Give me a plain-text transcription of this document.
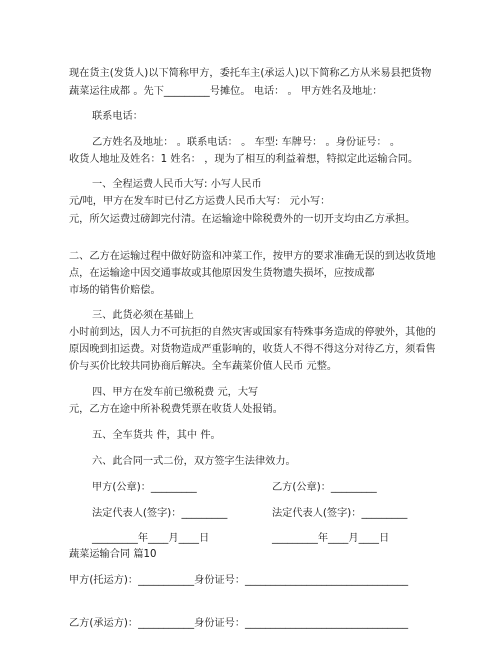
现在货主(发货人)以下简称甲方，委托车主(承运人)以下简称乙方从米易县把货物
蔬菜运往成都 。先下_________号摊位。 电话： 。 甲方姓名及地址：
联系电话：
乙方姓名及地址： 。联系电话： 。 车型: 车牌号： 。身份证号： 。
收货人地址及姓名：1 姓名： ，现为了相互的利益着想，特拟定此运输合同。
一、全程运费人民币大写: 小写人民币
元/吨，甲方在发车时已付乙方运费人民币大写： 元小写：
元，所欠运费过磅卸完付清。在运输途中除税费外的一切开支均由乙方承担。
二、乙方在运输过程中做好防盗和冲菜工作，按甲方的要求准确无误的到达收货地
点，在运输途中因交通事故或其他原因发生货物遗失损坏，应按成都
市场的销售价赔偿。
三、此货必须在基础上
小时前到达，因人力不可抗拒的自然灾害或国家有特殊事务造成的停驶外，其他的
原因晚到扣运费。对货物造成严重影响的，收货人不得不得这分对待乙方，须看售
价与买价比较共同协商后解决。全车蔬菜价值人民币 元整。
四、甲方在发车前已缴税费 元，大写
元，乙方在途中所补税费凭票在收货人处报销。
五、全车货共 件，其中 件。
六、此合同一式二份，双方签字生法律效力。
甲方(公章)：_________	乙方(公章)：_________
法定代表人(签字)：_________	法定代表人(签字)：_________
_________年____月____日	_________年____月____日
蔬菜运输合同 篇10
甲方(托运方)：___________身份证号：________________________________
乙方(承运方)：___________身份证号：________________________________
